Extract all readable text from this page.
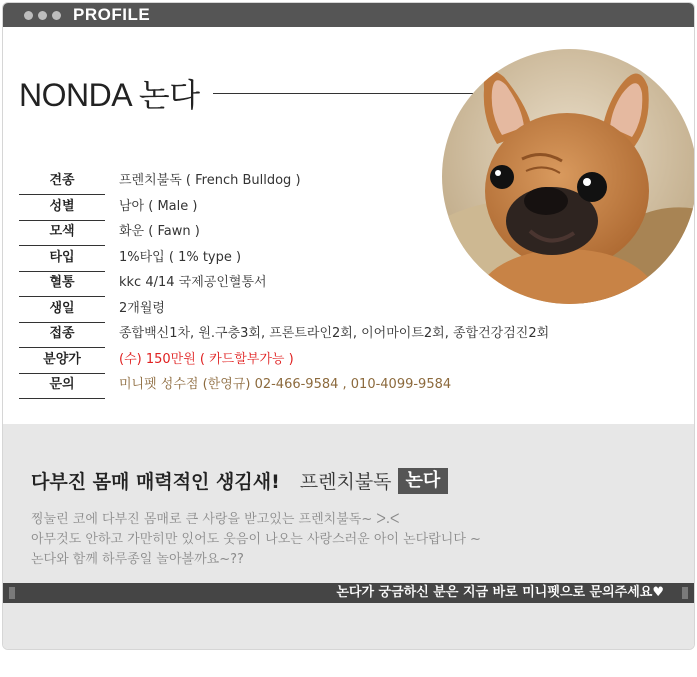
PROFILE
NONDA 논다
견종	프렌치불독 ( French Bulldog )
성별	남아 ( Male )
모색	화운 ( Fawn )
타입	1%타입 ( 1% type )
혈통	kkc 4/14 국제공인혈통서
생일	2개월령
접종	종합백신1차, 원.구충3회, 프론트라인2회, 이어마이트2회, 종합건강검진2회
분양가	(수) 150만원 ( 카드할부가능 )
문의	미니펫 성수점 (한영규) 02-466-9584 , 010-4099-9584
다부진 몸매 매력적인 생김새! 프렌치불독 논다
찡눌린 코에 다부진 몸매로 큰 사랑을 받고있는 프렌치불독~ ᐳ.ᐸ
아무것도 안하고 가만히만 있어도 웃음이 나오는 사랑스러운 아이 논다랍니다 ~
논다와 함께 하루종일 놀아볼까요~??
논다가 궁금하신 분은 지금 바로 미니펫으로 문의주세요♥
